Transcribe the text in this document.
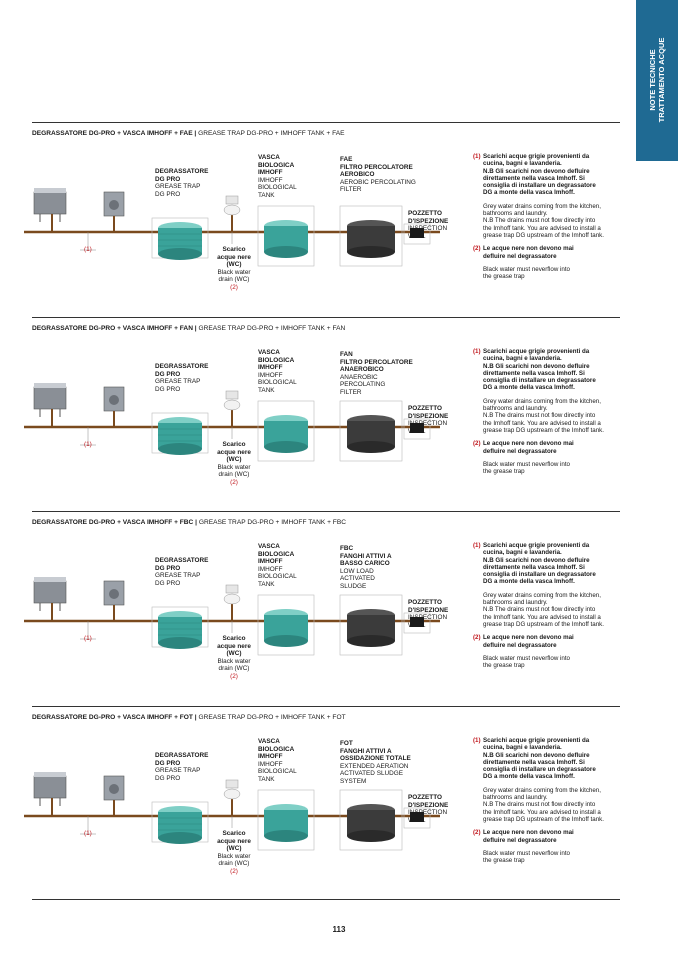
NOTE TECNICHE
TRATTAMENTO ACQUE
DEGRASSATORE DG-PRO + VASCA IMHOFF + FAE | GREASE TRAP DG-PRO + IMHOFF TANK + FAE
DEGRASSATORE
DG PRO
GREASE TRAP
DG PRO
VASCA
BIOLOGICA
IMHOFF
IMHOFF
BIOLOGICAL
TANK
FAE
FILTRO PERCOLATORE
AEROBICO
AEROBIC PERCOLATING
FILTER
POZZETTO
D'ISPEZIONE
INSPECTION
WELL
Scarico
acque nere
(WC)
Black water
drain (WC)
(2)
(1)
(1) Scarichi acque grigie provenienti da
cucina, bagni e lavanderia.
N.B Gli scarichi non devono defluire
direttamente nella vasca Imhoff. Si
consiglia di installare un degrassatore
DG a monte della vasca Imhoff.
Grey water drains coming from the kitchen,
bathrooms and laundry.
N.B The drains must not flow directly into
the Imhoff tank. You are advised to install a
grease trap DG upstream of the Imhoff tank.
(2) Le acque nere non devono mai
defluire nel degrassatore
Black water must neverflow into
the grease trap
DEGRASSATORE DG-PRO + VASCA IMHOFF + FAN | GREASE TRAP DG-PRO + IMHOFF TANK + FAN
DEGRASSATORE
DG PRO
GREASE TRAP
DG PRO
VASCA
BIOLOGICA
IMHOFF
IMHOFF
BIOLOGICAL
TANK
FAN
FILTRO PERCOLATORE
ANAEROBICO
ANAEROBIC
PERCOLATING
FILTER
POZZETTO
D'ISPEZIONE
INSPECTION
WELL
Scarico
acque nere
(WC)
Black water
drain (WC)
(2)
(1)
(1) Scarichi acque grigie provenienti da
cucina, bagni e lavanderia.
N.B Gli scarichi non devono defluire
direttamente nella vasca Imhoff. Si
consiglia di installare un degrassatore
DG a monte della vasca Imhoff.
Grey water drains coming from the kitchen,
bathrooms and laundry.
N.B The drains must not flow directly into
the Imhoff tank. You are advised to install a
grease trap DG upstream of the Imhoff tank.
(2) Le acque nere non devono mai
defluire nel degrassatore
Black water must neverflow into
the grease trap
DEGRASSATORE DG-PRO + VASCA IMHOFF + FBC | GREASE TRAP DG-PRO + IMHOFF TANK + FBC
DEGRASSATORE
DG PRO
GREASE TRAP
DG PRO
VASCA
BIOLOGICA
IMHOFF
IMHOFF
BIOLOGICAL
TANK
FBC
FANGHI ATTIVI A
BASSO CARICO
LOW LOAD
ACTIVATED
SLUDGE
POZZETTO
D'ISPEZIONE
INSPECTION
WELL
Scarico
acque nere
(WC)
Black water
drain (WC)
(2)
(1)
(1) Scarichi acque grigie provenienti da
cucina, bagni e lavanderia.
N.B Gli scarichi non devono defluire
direttamente nella vasca Imhoff. Si
consiglia di installare un degrassatore
DG a monte della vasca Imhoff.
Grey water drains coming from the kitchen,
bathrooms and laundry.
N.B The drains must not flow directly into
the Imhoff tank. You are advised to install a
grease trap DG upstream of the Imhoff tank.
(2) Le acque nere non devono mai
defluire nel degrassatore
Black water must neverflow into
the grease trap
DEGRASSATORE DG-PRO + VASCA IMHOFF + FOT | GREASE TRAP DG-PRO + IMHOFF TANK + FOT
DEGRASSATORE
DG PRO
GREASE TRAP
DG PRO
VASCA
BIOLOGICA
IMHOFF
IMHOFF
BIOLOGICAL
TANK
FOT
FANGHI ATTIVI A
OSSIDAZIONE TOTALE
EXTENDED AERATION
ACTIVATED SLUDGE
SYSTEM
POZZETTO
D'ISPEZIONE
INSPECTION
WELL
Scarico
acque nere
(WC)
Black water
drain (WC)
(2)
(1)
(1) Scarichi acque grigie provenienti da
cucina, bagni e lavanderia.
N.B Gli scarichi non devono defluire
direttamente nella vasca Imhoff. Si
consiglia di installare un degrassatore
DG a monte della vasca Imhoff.
Grey water drains coming from the kitchen,
bathrooms and laundry.
N.B The drains must not flow directly into
the Imhoff tank. You are advised to install a
grease trap DG upstream of the Imhoff tank.
(2) Le acque nere non devono mai
defluire nel degrassatore
Black water must neverflow into
the grease trap
113
